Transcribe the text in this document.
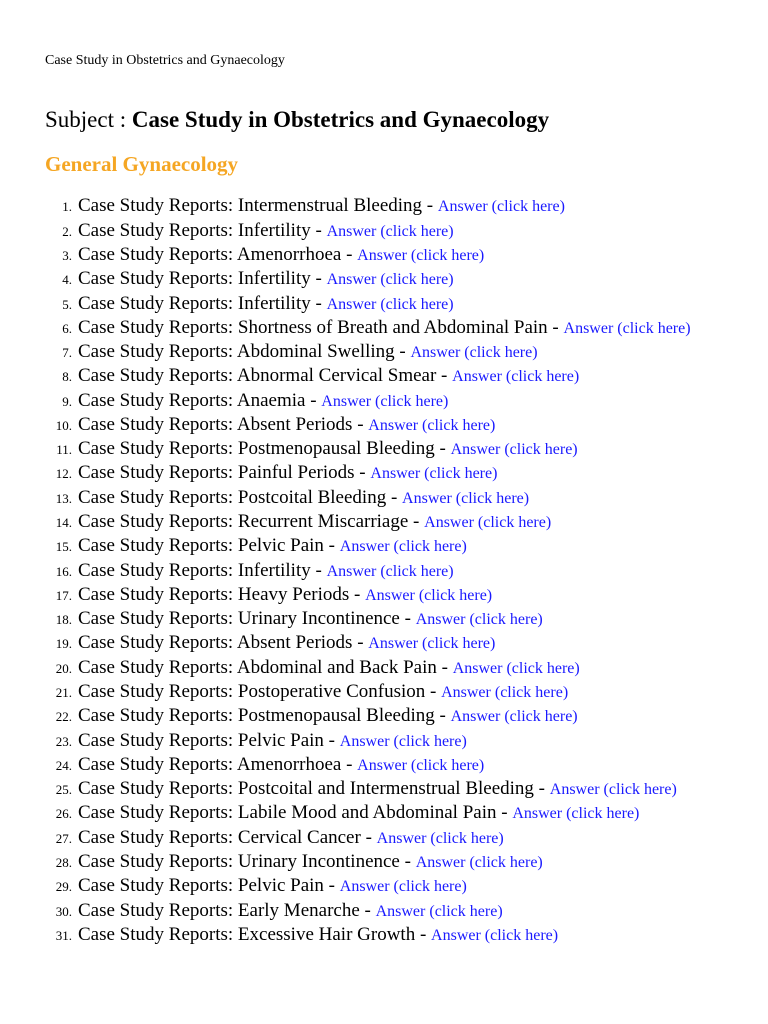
Case Study in Obstetrics and Gynaecology

Subject : Case Study in Obstetrics and Gynaecology
General Gynaecology
1. Case Study Reports: Intermenstrual Bleeding - Answer (click here)
2. Case Study Reports: Infertility - Answer (click here)
3. Case Study Reports: Amenorrhoea - Answer (click here)
4. Case Study Reports: Infertility - Answer (click here)
5. Case Study Reports: Infertility - Answer (click here)
6. Case Study Reports: Shortness of Breath and Abdominal Pain - Answer (click here)
7. Case Study Reports: Abdominal Swelling - Answer (click here)
8. Case Study Reports: Abnormal Cervical Smear - Answer (click here)
9. Case Study Reports: Anaemia - Answer (click here)
10. Case Study Reports: Absent Periods - Answer (click here)
11. Case Study Reports: Postmenopausal Bleeding - Answer (click here)
12. Case Study Reports: Painful Periods - Answer (click here)
13. Case Study Reports: Postcoital Bleeding - Answer (click here)
14. Case Study Reports: Recurrent Miscarriage - Answer (click here)
15. Case Study Reports: Pelvic Pain - Answer (click here)
16. Case Study Reports: Infertility - Answer (click here)
17. Case Study Reports: Heavy Periods - Answer (click here)
18. Case Study Reports: Urinary Incontinence - Answer (click here)
19. Case Study Reports: Absent Periods - Answer (click here)
20. Case Study Reports: Abdominal and Back Pain - Answer (click here)
21. Case Study Reports: Postoperative Confusion - Answer (click here)
22. Case Study Reports: Postmenopausal Bleeding - Answer (click here)
23. Case Study Reports: Pelvic Pain - Answer (click here)
24. Case Study Reports: Amenorrhoea - Answer (click here)
25. Case Study Reports: Postcoital and Intermenstrual Bleeding - Answer (click here)
26. Case Study Reports: Labile Mood and Abdominal Pain - Answer (click here)
27. Case Study Reports: Cervical Cancer - Answer (click here)
28. Case Study Reports: Urinary Incontinence - Answer (click here)
29. Case Study Reports: Pelvic Pain - Answer (click here)
30. Case Study Reports: Early Menarche - Answer (click here)
31. Case Study Reports: Excessive Hair Growth - Answer (click here)
